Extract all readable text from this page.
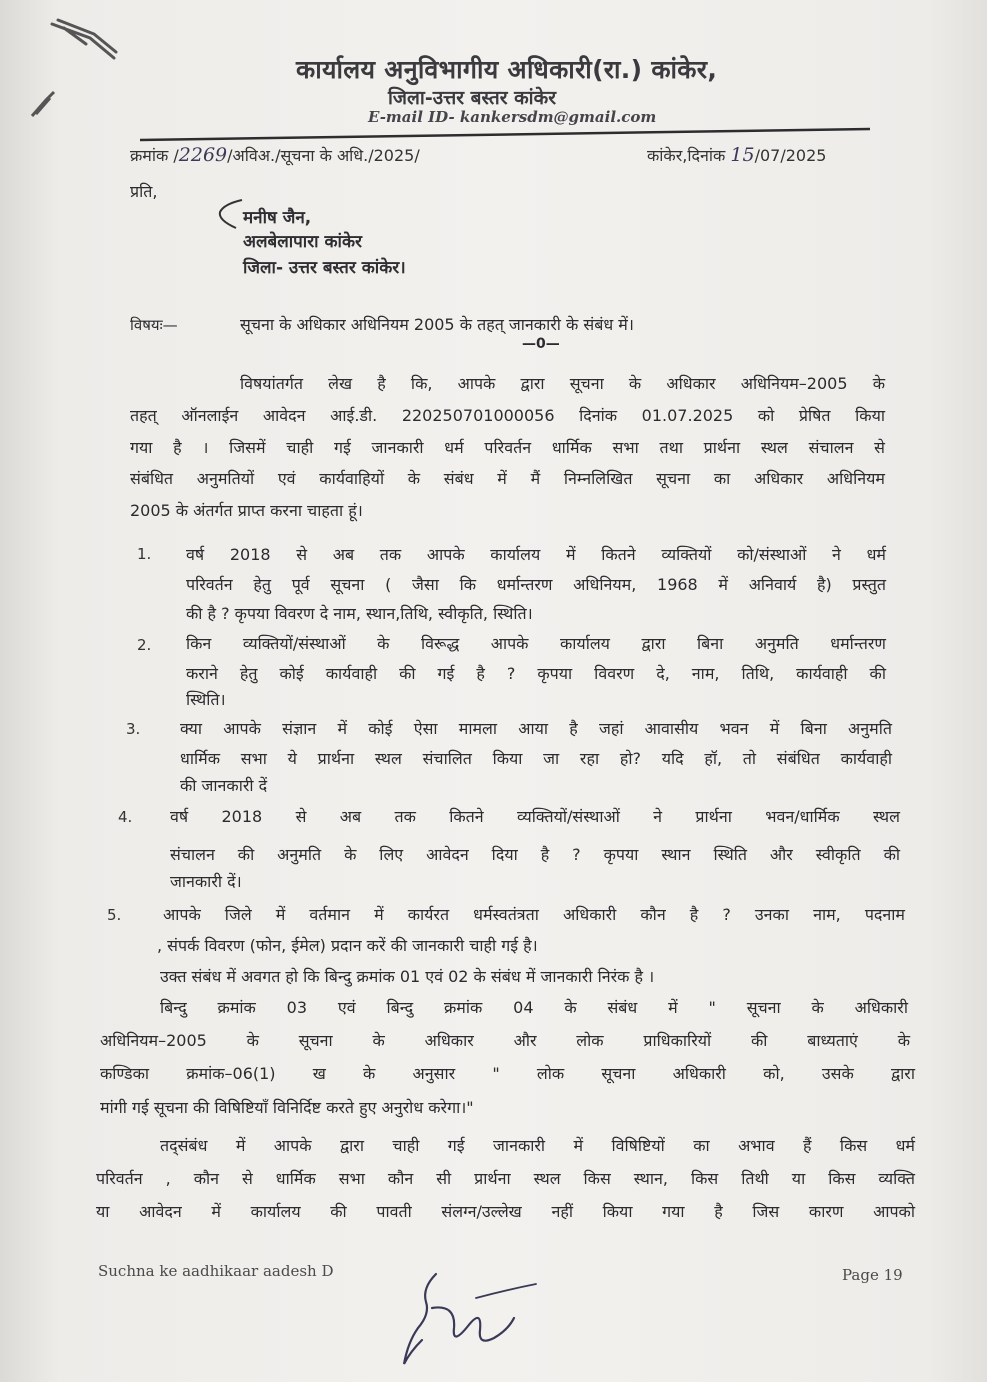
कार्यालय अनुविभागीय अधिकारी(रा.) कांकेर,
जिला-उत्तर बस्तर कांकेर
E-mail ID- kankersdm@gmail.com
क्रमांक /2269/अवि‍अ./सूचना के अधि./2025/	कांकेर,दिनांक 15/07/2025
प्रति,
मनीष जैन,
अलबेलापारा कांकेर
जिला- उत्तर बस्तर कांकेर।
विषयः—	सूचना के अधिकार अधिनियम 2005 के तहत् जानकारी के संबंध में।
—0—
विषयांतर्गत लेख है कि, आपके द्वारा सूचना के अधिकार अधिनियम–2005 के
तहत् ऑनलाईन आवेदन आई.डी. 220250701000056 दिनांक 01.07.2025 को प्रेषित किया
गया है । जिसमें चाही गई जानकारी धर्म परिवर्तन धार्मिक सभा तथा प्रार्थना स्थल संचालन से
संबंधित अनुमतियों एवं कार्यवाहियों के संबंध में मैं निम्नलिखित सूचना का अधिकार अधिनियम
2005 के अंतर्गत प्राप्त करना चाहता हूं।
1. वर्ष 2018 से अब तक आपके कार्यालय में कितने व्यक्तियों को/संस्थाओं ने धर्म
परिवर्तन हेतु पूर्व सूचना ( जैसा कि धर्मान्तरण अधिनियम, 1968 में अनिवार्य है) प्रस्तुत
की है ? कृपया विवरण दे नाम, स्थान,तिथि, स्वीकृति, स्थिति।
2. किन व्यक्तियों/संस्थाओं के विरूद्ध आपके कार्यालय द्वारा बिना अनुमति धर्मान्तरण
कराने हेतु कोई कार्यवाही की गई है ? कृपया विवरण दे, नाम, तिथि, कार्यवाही की
स्थिति।
3. क्या आपके संज्ञान में कोई ऐसा मामला आया है जहां आवासीय भवन में बिना अनुमति
धार्मिक सभा ये प्रार्थना स्थल संचालित किया जा रहा हो? यदि हॉ, तो संबंधित कार्यवाही
की जानकारी दें
4. वर्ष 2018 से अब तक कितने व्यक्तियों/संस्थाओं ने प्रार्थना भवन/धार्मिक स्थल
संचालन की अनुमति के लिए आवेदन दिया है ? कृपया स्थान स्थिति और स्वीकृति की
जानकारी दें।
5.	आपके जिले में वर्तमान में कार्यरत धर्मस्वतंत्रता अधिकारी कौन है ? उनका नाम, पदनाम
, संपर्क विवरण (फोन, ईमेल) प्रदान करें की जानकारी चाही गई है।
उक्त संबंध में अवगत हो कि बिन्दु क्रमांक 01 एवं 02 के संबंध में जानकारी निरंक है ।
बिन्दु क्रमांक 03 एवं बिन्दु क्रमांक 04 के संबंध में " सूचना के अधिकारी
अधिनियम–2005 के सूचना के अधिकार और लोक प्राधिकारियों की बाध्यताएं के
कण्डिका क्रमांक–06(1) ख के अनुसार " लोक सूचना अधिकारी को, उसके द्वारा
मांगी गई सूचना की विषिष्टियॉं विनिर्दिष्ट करते हुए अनुरोध करेगा।"
तद्संबंध में आपके द्वारा चाही गई जानकारी में विषिष्टियों का अभाव हैं किस धर्म
परिवर्तन , कौन से धार्मिक सभा कौन सी प्रार्थना स्थल किस स्थान, किस तिथी या किस व्यक्ति
या आवेदन में कार्यालय की पावती संलग्न/उल्लेख नहीं किया गया है जिस कारण आपको
Suchna ke aadhikaar aadesh D	Page 19
